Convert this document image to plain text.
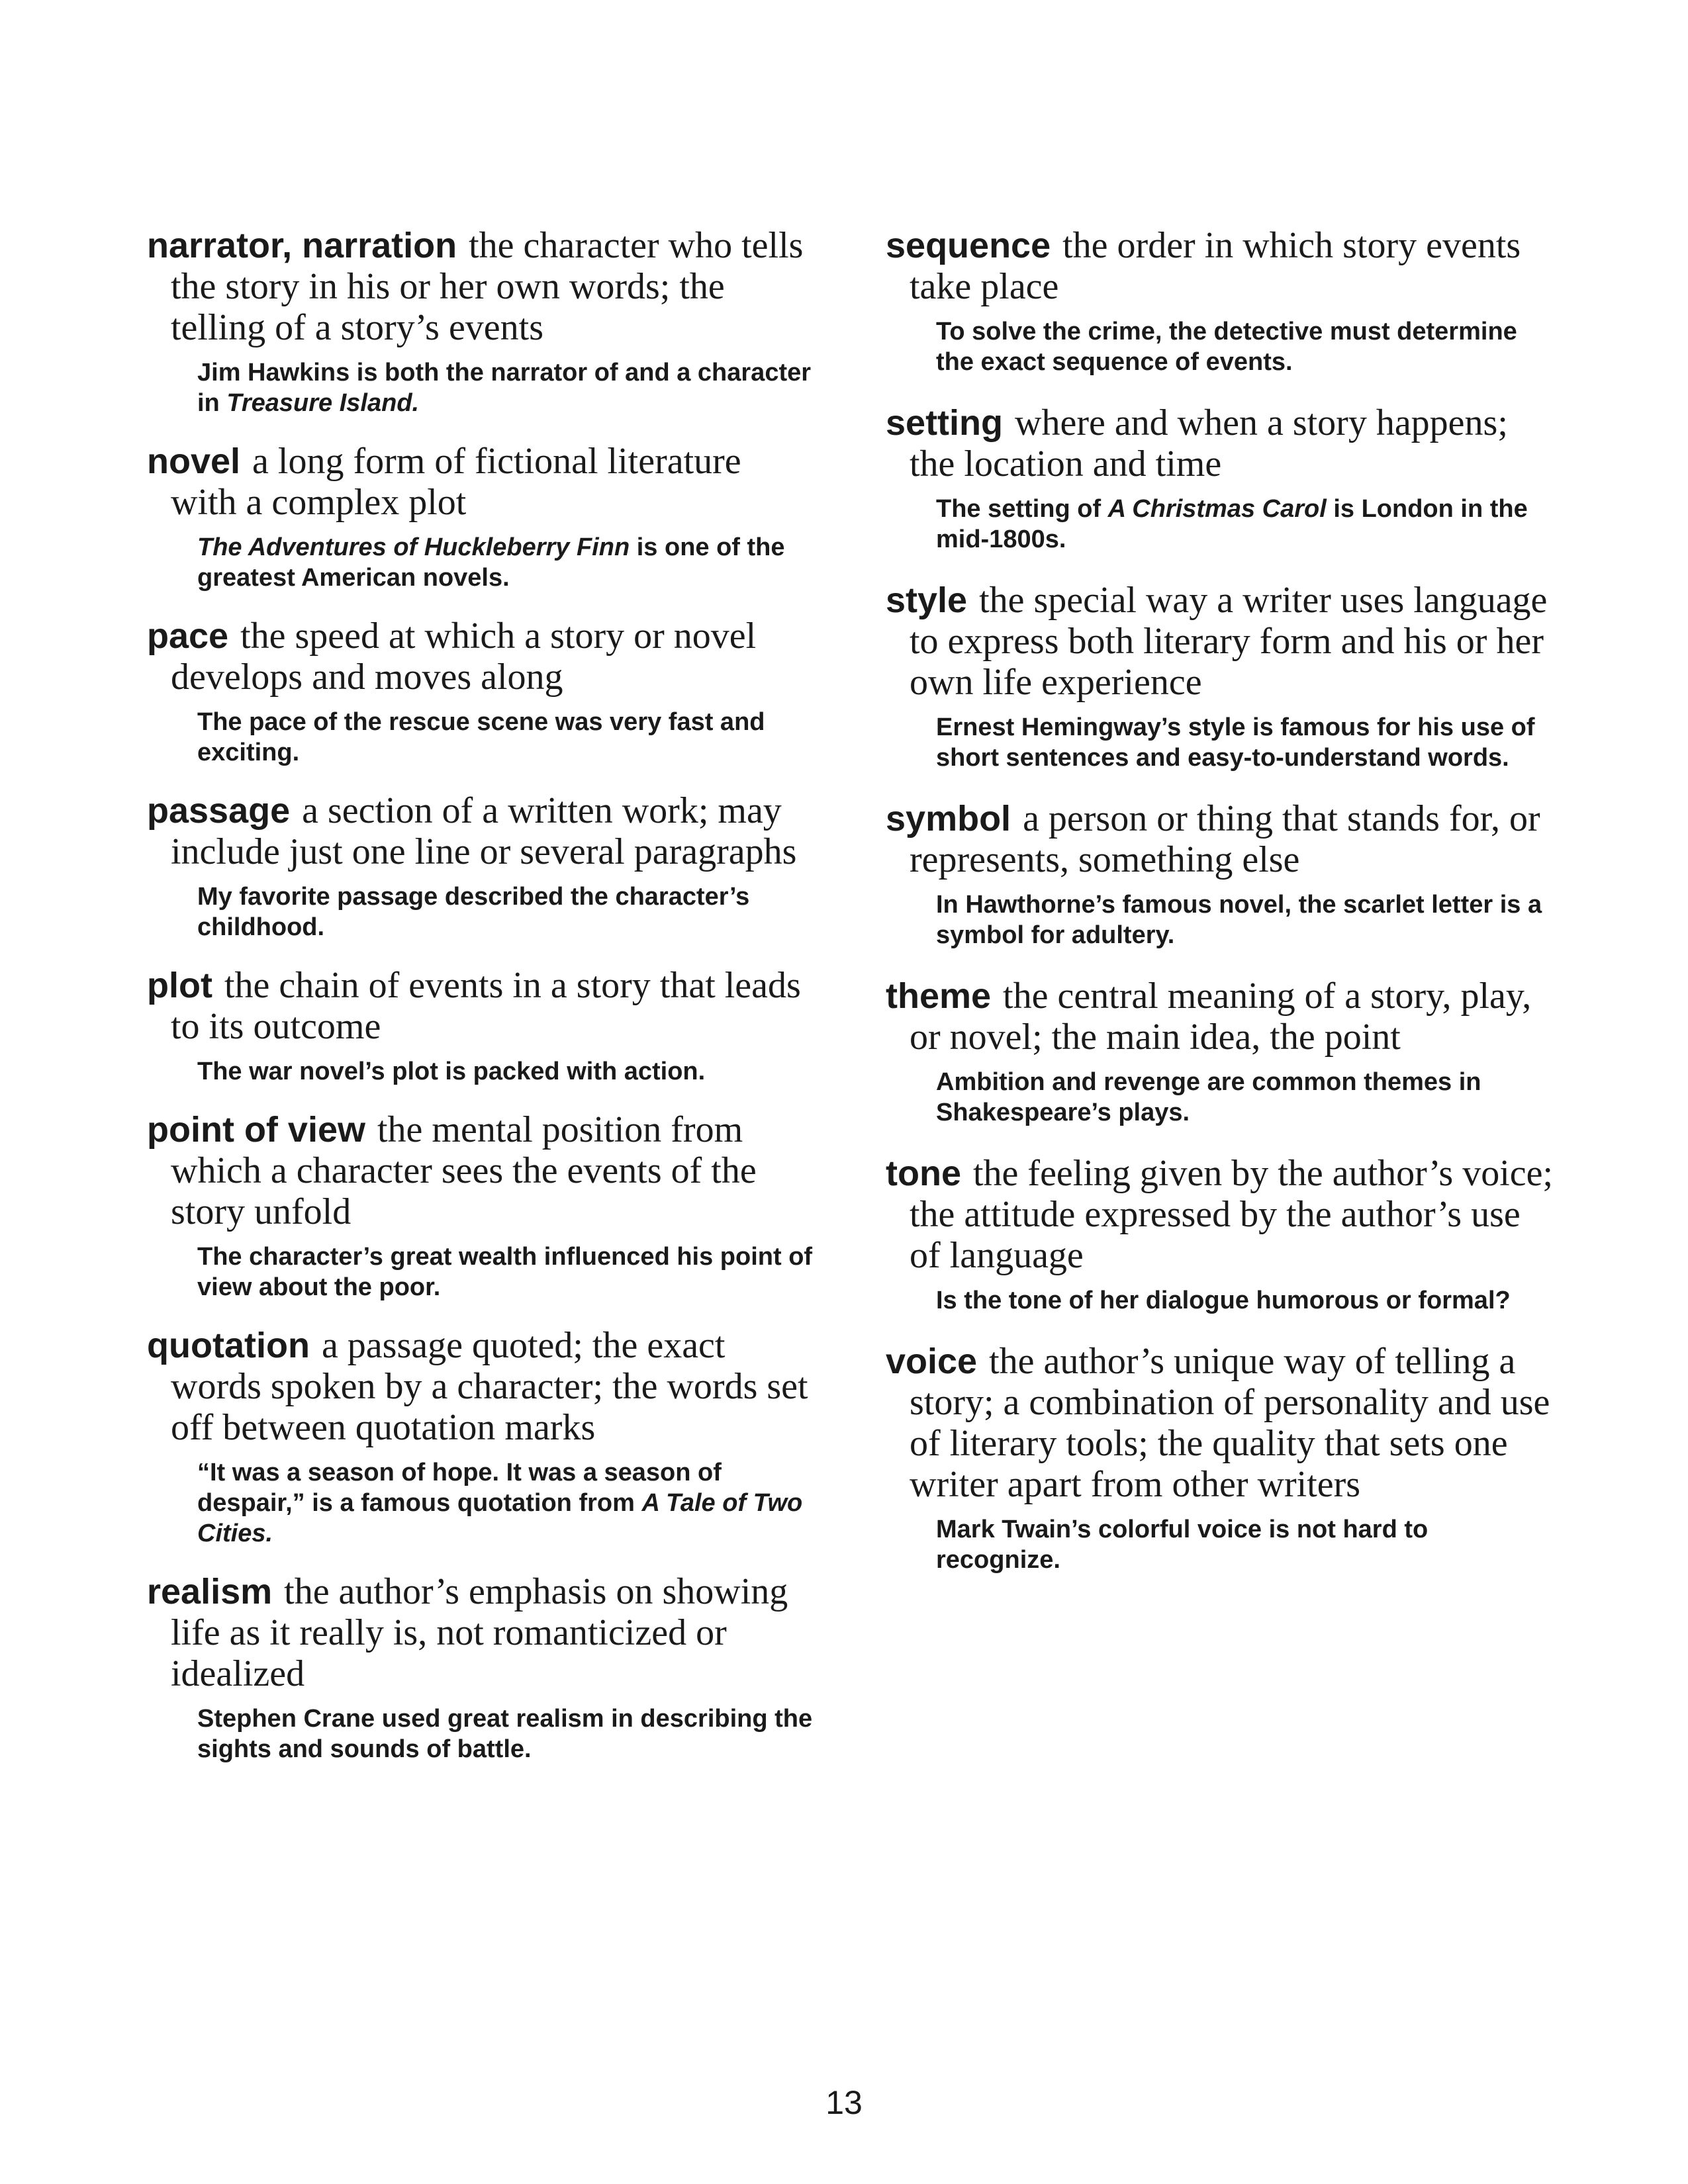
narrator, narration the character who tells the story in his or her own words; the telling of a story’s events

Jim Hawkins is both the narrator of and a character in Treasure Island.

novel a long form of fictional literature with a complex plot

The Adventures of Huckleberry Finn is one of the greatest American novels.

pace the speed at which a story or novel develops and moves along

The pace of the rescue scene was very fast and exciting.

passage a section of a written work; may include just one line or several paragraphs

My favorite passage described the character’s childhood.

plot the chain of events in a story that leads to its outcome

The war novel’s plot is packed with action.

point of view the mental position from which a character sees the events of the story unfold

The character’s great wealth influenced his point of view about the poor.

quotation a passage quoted; the exact words spoken by a character; the words set off between quotation marks

“It was a season of hope. It was a season of despair,” is a famous quotation from A Tale of Two Cities.

realism the author’s emphasis on showing life as it really is, not romanticized or idealized

Stephen Crane used great realism in describing the sights and sounds of battle.

sequence the order in which story events take place

To solve the crime, the detective must determine the exact sequence of events.

setting where and when a story happens; the location and time

The setting of A Christmas Carol is London in the mid-1800s.

style the special way a writer uses language to express both literary form and his or her own life experience

Ernest Hemingway’s style is famous for his use of short sentences and easy-to-understand words.

symbol a person or thing that stands for, or represents, something else

In Hawthorne’s famous novel, the scarlet letter is a symbol for adultery.

theme the central meaning of a story, play, or novel; the main idea, the point

Ambition and revenge are common themes in Shakespeare’s plays.

tone the feeling given by the author’s voice; the attitude expressed by the author’s use of language

Is the tone of her dialogue humorous or formal?

voice the author’s unique way of telling a story; a combination of personality and use of literary tools; the quality that sets one writer apart from other writers

Mark Twain’s colorful voice is not hard to recognize.

13
